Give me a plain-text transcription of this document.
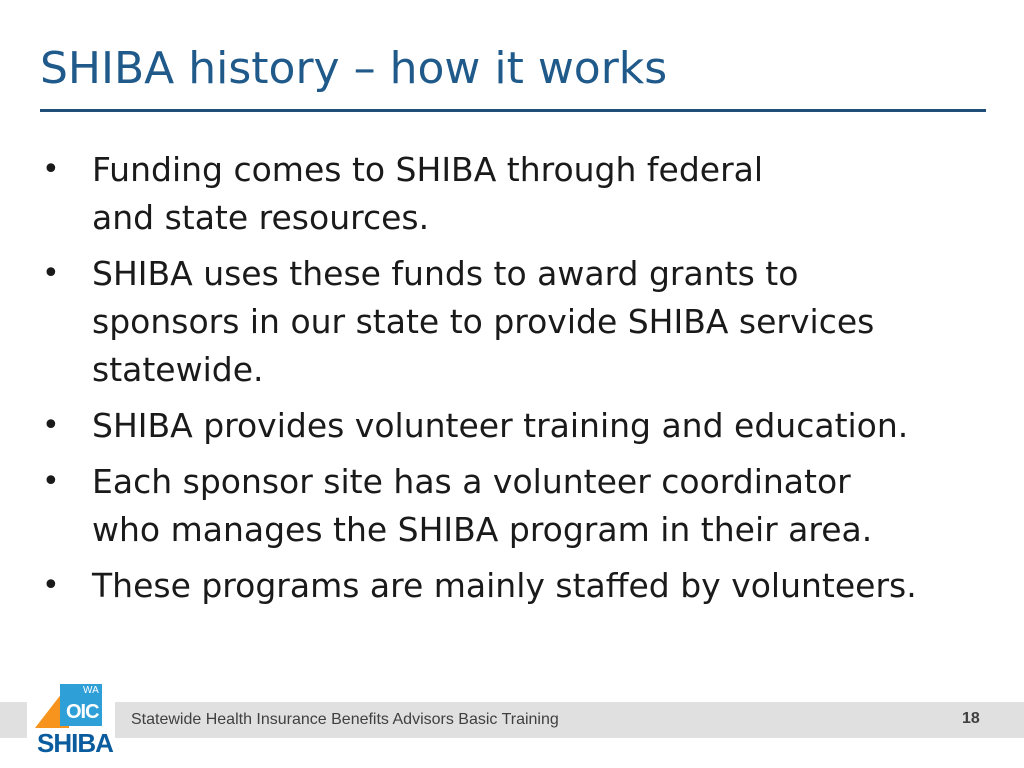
SHIBA history – how it works
• Funding comes to SHIBA through federal
and state resources.
• SHIBA uses these funds to award grants to
sponsors in our state to provide SHIBA services
statewide.
• SHIBA provides volunteer training and education.
• Each sponsor site has a volunteer coordinator
who manages the SHIBA program in their area.
• These programs are mainly staffed by volunteers.
Statewide Health Insurance Benefits Advisors Basic Training	18
WA
OIC
SHIBA
